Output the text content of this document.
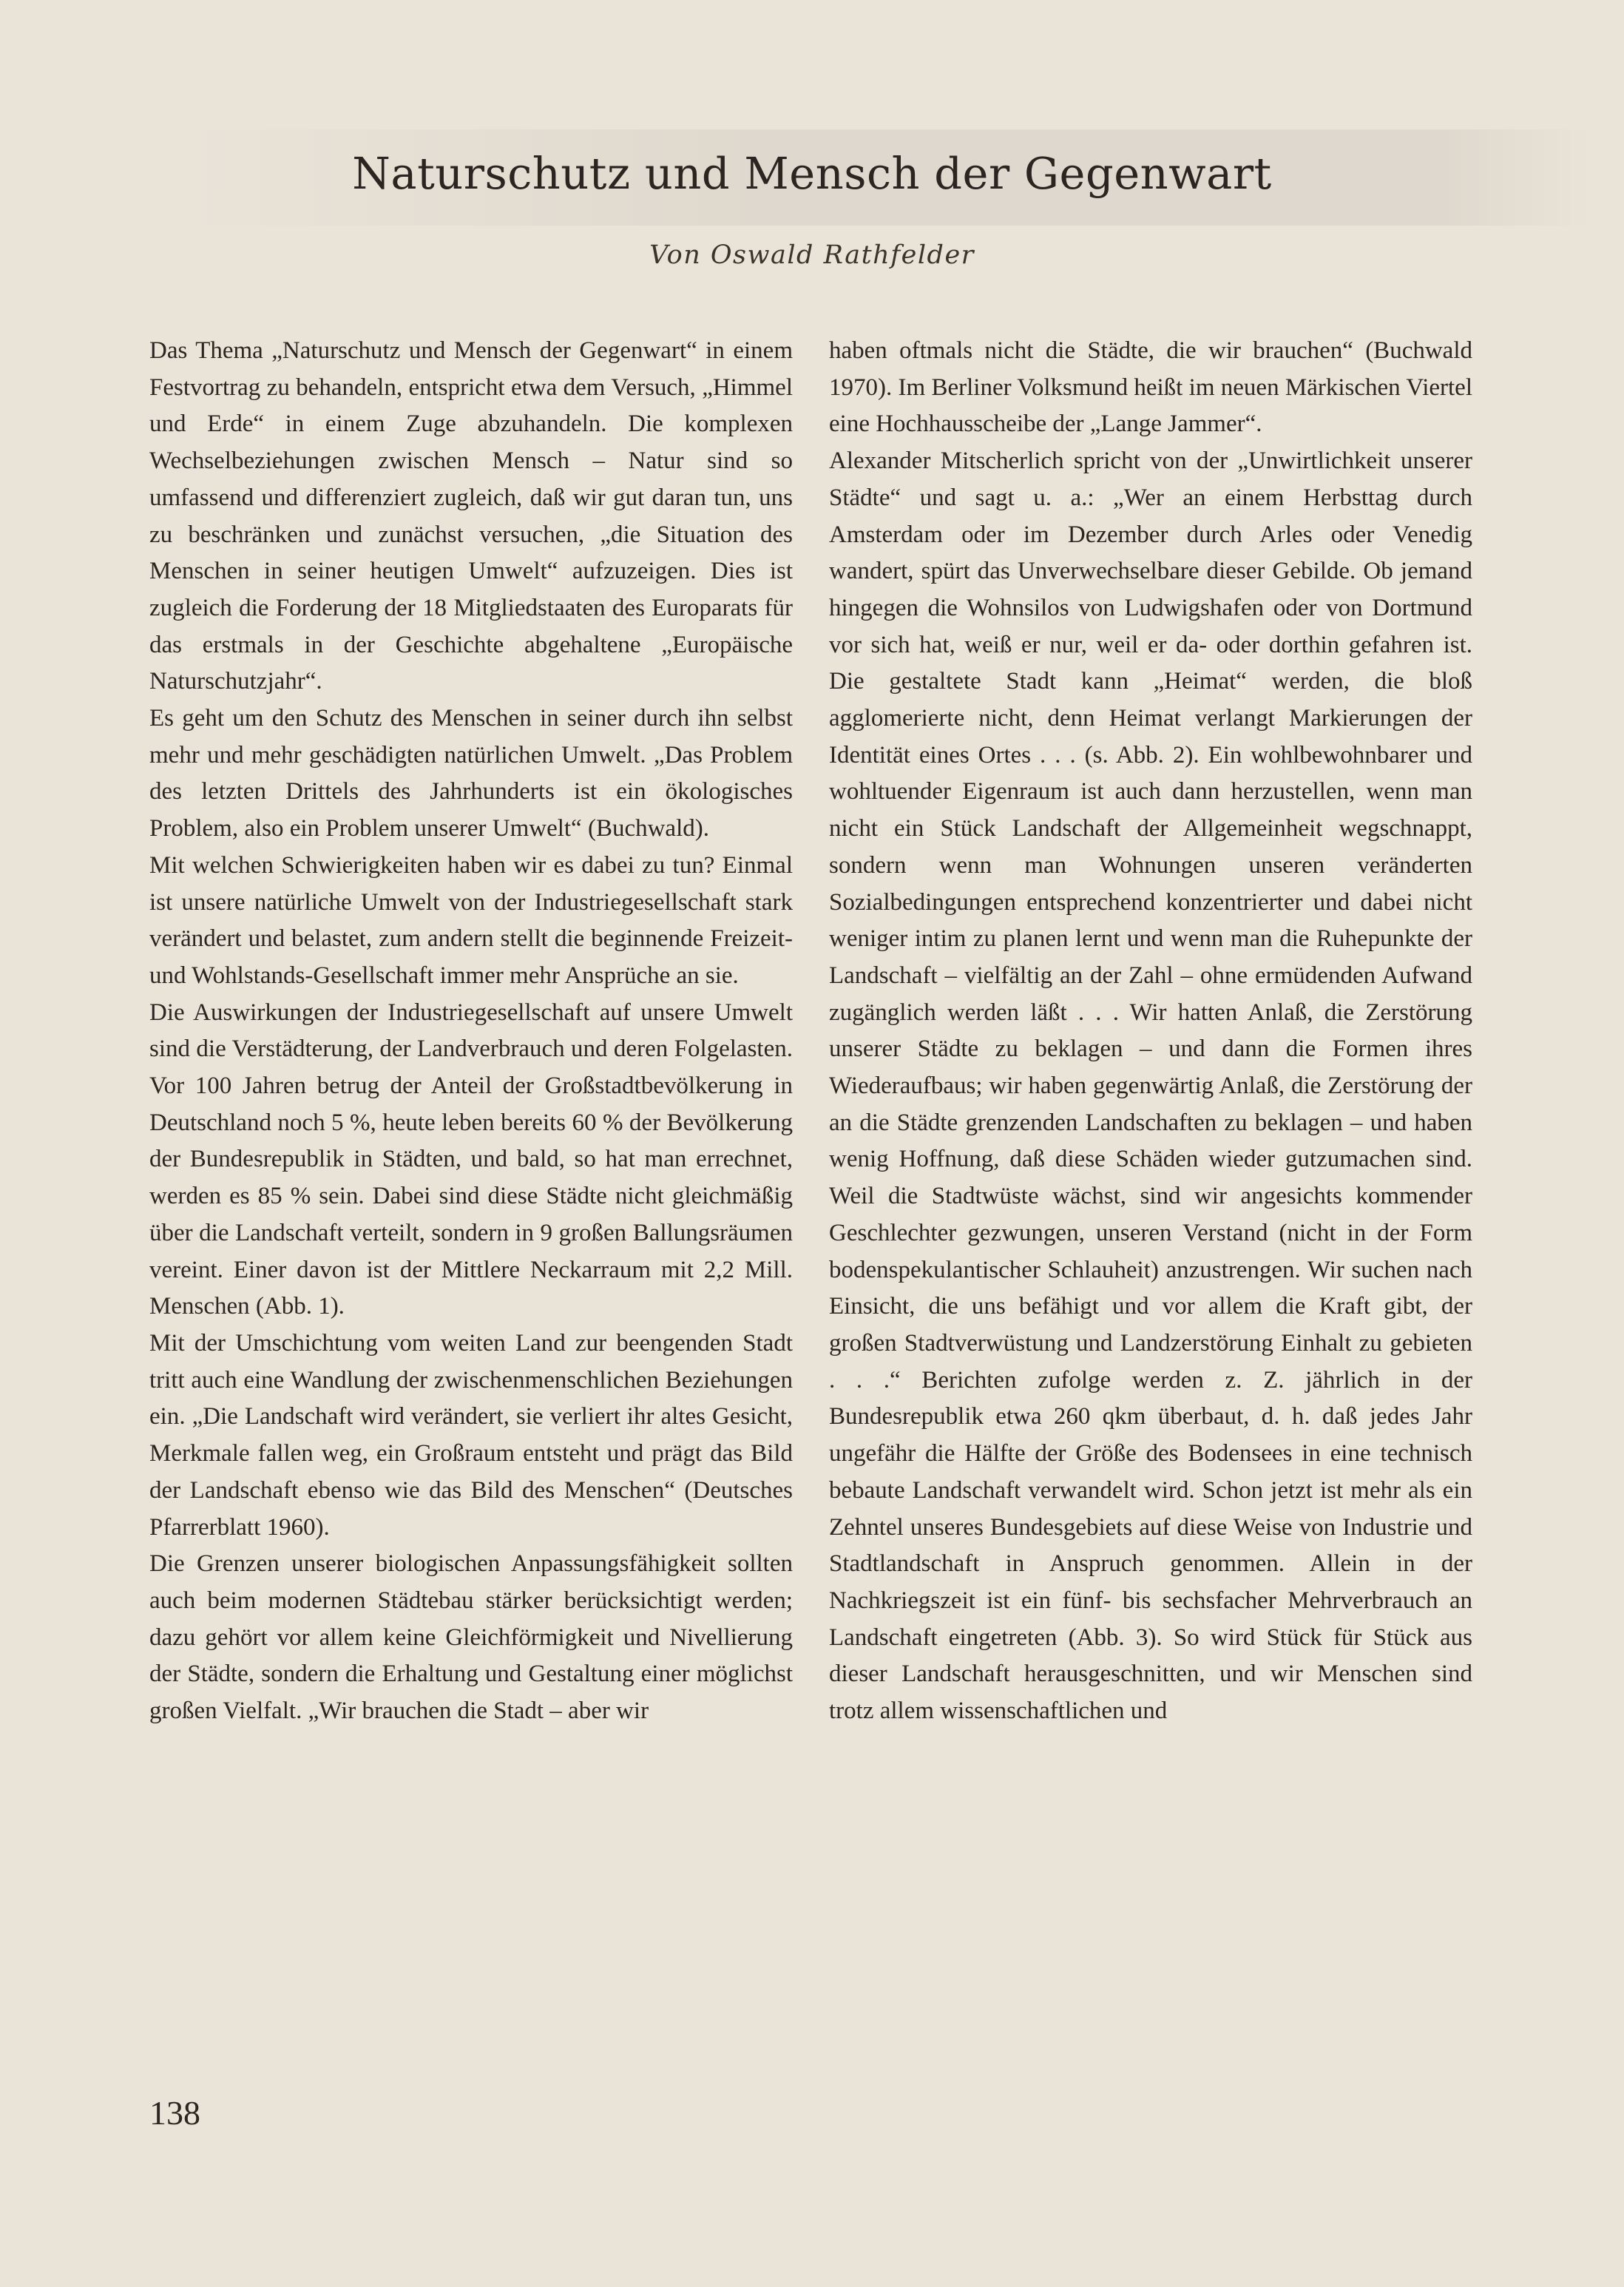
Naturschutz und Mensch der Gegenwart
Von Oswald Rathfelder

Das Thema „Naturschutz und Mensch der Gegenwart“ in einem Festvortrag zu behandeln, entspricht etwa dem Versuch, „Himmel und Erde“ in einem Zuge abzuhandeln. Die komplexen Wechselbeziehungen zwischen Mensch – Natur sind so umfassend und differenziert zugleich, daß wir gut daran tun, uns zu beschränken und zunächst versuchen, „die Situation des Menschen in seiner heutigen Umwelt“ aufzuzeigen. Dies ist zugleich die Forderung der 18 Mitgliedstaaten des Europarats für das erstmals in der Geschichte abgehaltene „Europäische Naturschutzjahr“.

Es geht um den Schutz des Menschen in seiner durch ihn selbst mehr und mehr geschädigten natürlichen Umwelt. „Das Problem des letzten Drittels des Jahrhunderts ist ein ökologisches Problem, also ein Problem unserer Umwelt“ (Buchwald).

Mit welchen Schwierigkeiten haben wir es dabei zu tun? Einmal ist unsere natürliche Umwelt von der Industriegesellschaft stark verändert und belastet, zum andern stellt die beginnende Freizeit- und Wohlstands-Gesellschaft immer mehr Ansprüche an sie.

Die Auswirkungen der Industriegesellschaft auf unsere Umwelt sind die Verstädterung, der Landverbrauch und deren Folgelasten. Vor 100 Jahren betrug der Anteil der Großstadtbevölkerung in Deutschland noch 5 %, heute leben bereits 60 % der Bevölkerung der Bundesrepublik in Städten, und bald, so hat man errechnet, werden es 85 % sein. Dabei sind diese Städte nicht gleichmäßig über die Landschaft verteilt, sondern in 9 großen Ballungsräumen vereint. Einer davon ist der Mittlere Neckarraum mit 2,2 Mill. Menschen (Abb. 1).

Mit der Umschichtung vom weiten Land zur beengenden Stadt tritt auch eine Wandlung der zwischenmenschlichen Beziehungen ein. „Die Landschaft wird verändert, sie verliert ihr altes Gesicht, Merkmale fallen weg, ein Großraum entsteht und prägt das Bild der Landschaft ebenso wie das Bild des Menschen“ (Deutsches Pfarrerblatt 1960).

Die Grenzen unserer biologischen Anpassungsfähigkeit sollten auch beim modernen Städtebau stärker berücksichtigt werden; dazu gehört vor allem keine Gleichförmigkeit und Nivellierung der Städte, sondern die Erhaltung und Gestaltung einer möglichst großen Vielfalt. „Wir brauchen die Stadt – aber wir

haben oftmals nicht die Städte, die wir brauchen“ (Buchwald 1970). Im Berliner Volksmund heißt im neuen Märkischen Viertel eine Hochhausscheibe der „Lange Jammer“.

Alexander Mitscherlich spricht von der „Unwirtlichkeit unserer Städte“ und sagt u. a.: „Wer an einem Herbsttag durch Amsterdam oder im Dezember durch Arles oder Venedig wandert, spürt das Unverwechselbare dieser Gebilde. Ob jemand hingegen die Wohnsilos von Ludwigshafen oder von Dortmund vor sich hat, weiß er nur, weil er da- oder dorthin gefahren ist. Die gestaltete Stadt kann „Heimat“ werden, die bloß agglomerierte nicht, denn Heimat verlangt Markierungen der Identität eines Ortes . . . (s. Abb. 2). Ein wohlbewohnbarer und wohltuender Eigenraum ist auch dann herzustellen, wenn man nicht ein Stück Landschaft der Allgemeinheit wegschnappt, sondern wenn man Wohnungen unseren veränderten Sozialbedingungen entsprechend konzentrierter und dabei nicht weniger intim zu planen lernt und wenn man die Ruhepunkte der Landschaft – vielfältig an der Zahl – ohne ermüdenden Aufwand zugänglich werden läßt . . . Wir hatten Anlaß, die Zerstörung unserer Städte zu beklagen – und dann die Formen ihres Wiederaufbaus; wir haben gegenwärtig Anlaß, die Zerstörung der an die Städte grenzenden Landschaften zu beklagen – und haben wenig Hoffnung, daß diese Schäden wieder gutzumachen sind. Weil die Stadtwüste wächst, sind wir angesichts kommender Geschlechter gezwungen, unseren Verstand (nicht in der Form bodenspekulantischer Schlauheit) anzustrengen. Wir suchen nach Einsicht, die uns befähigt und vor allem die Kraft gibt, der großen Stadtverwüstung und Landzerstörung Einhalt zu gebieten . . .“ Berichten zufolge werden z. Z. jährlich in der Bundesrepublik etwa 260 qkm überbaut, d. h. daß jedes Jahr ungefähr die Hälfte der Größe des Bodensees in eine technisch bebaute Landschaft verwandelt wird. Schon jetzt ist mehr als ein Zehntel unseres Bundesgebiets auf diese Weise von Industrie und Stadtlandschaft in Anspruch genommen. Allein in der Nachkriegszeit ist ein fünf- bis sechsfacher Mehrverbrauch an Landschaft eingetreten (Abb. 3). So wird Stück für Stück aus dieser Landschaft herausgeschnitten, und wir Menschen sind trotz allem wissenschaftlichen und

138
